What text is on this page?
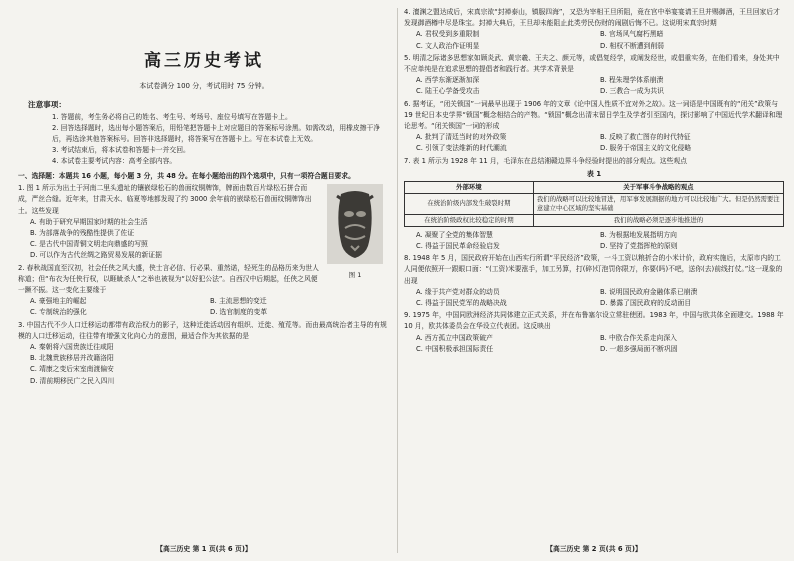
高三历史考试
本试卷满分 100 分，考试用时 75 分钟。
注意事项：

1. 答题前，考生务必将自己的姓名、考生号、考场号、座位号填写在答题卡上。

2. 回答选择题时，选出每小题答案后，用铅笔把答题卡上对应题目的答案标号涂黑。如需改动，用橡皮擦干净后，再选涂其他答案标号。回答非选择题时，将答案写在答题卡上。写在本试卷上无效。

3. 考试结束后，将本试卷和答题卡一并交回。

4. 本试卷主要考试内容：高考全部内容。

一、选择题：本题共 16 小题，每小题 3 分，共 48 分。在每小题给出的四个选项中，只有一项符合题目要求。

图 1

1. 图 1 所示为出土于河南二里头遗址的镶嵌绿松石的兽面纹铜牌饰，牌面由数百片绿松石拼合而成，严丝合缝。近年来，甘肃天水、临夏等地都发现了约 3000 余年前的嵌绿松石兽面纹铜牌饰出土。这些发现

A. 有助于研究早期国家时期的社会生活
B. 为部落战争的残酷性提供了佐证
C. 是古代中国青铜文明走向鼎盛的写照
D. 可以作为古代丝绸之路贸易发展的新证据

2. 春秋战国直至汉初，社会任侠之风大盛，侠士言必信、行必果、重然诺，轻死生的品格历来为世人称道；但“布衣为任侠行权，以睚眦杀人”之举也被视为“以好犯公法”。自西汉中后期起，任侠之风便一蹶不振。这一变化主要缘于

A. 豪强地主的崛起	B. 主流思想的变迁
C. 专制统治的强化	D. 选官制度的变革

3. 中国古代不少人口迁移运动都带有政治权力的影子，这种迁徙活动因有组织、迁徙、殖荒等。而由最高统治者主导的有规模的人口迁移运动，往往带有增强文化向心力的意图，最适合作为其依据的是

A. 秦朝将六国贵族迁往咸阳
B. 北魏贵族移居并改籍洛阳
C. 靖康之变后宋室南渡偏安
D. 清前期移民广之民入四川
【高三历史 第 1 页(共 6 页)】

4. 澶渊之盟达成后，宋真宗欲“封禅泰山，镇服四海”，又恐为宰相王旦所阻，竟在宫中举宴宴请王旦并赐御酒，王旦回家后才发现御酒樽中尽是珠宝。封禅大典后，王旦却未能阻止此类劳民伤财的闹剧后悔不已。这说明宋真宗时期

A. 君权受到多重限制	B. 官场风气腐朽黑暗
C. 文人政治作证明显	D. 相权不断遭到削弱

5. 明清之际诸多思想家如顾炎武、黄宗羲、王夫之、颜元等，或倡复经学，或阐发经世，或倡重实务，在他们看来，身处其中不应单纯是在追求思想的提倡者和践行者。其学术背景是

A. 西学东渐逐渐加深	B. 程朱理学体系崩溃
C. 陆王心学备受攻击	D. 三教合一成为共识

6. 据考证，“闭关锁国”一词最早出现于 1906 年的文章《论中国人性质不宜对外之故》。这一词语是中国既有的“闭关”政策与 19 世纪日本史学界“锁国”概念相结合的产物。“锁国”概念出清末留日学生及学者引至国内，探讨影响了中国近代学术翻译和理论思考。“闭关锁国”一词的形成

A. 批判了清廷当时的对外政策	B. 反映了救亡图存的时代特征
C. 引领了变法维新的时代潮流	D. 服务于帝国主义的文化侵略

7. 表 1 所示为 1928 年 11 月，毛泽东在总结湘赣边界斗争经验时提出的部分观点。这些观点

表 1
外部环境	关于军事斗争战略的观点
在统治阶级内部发生破裂时期	我们的战略可以比较地冒进，用军事发展割据的地方可以比较地广大。但是仍然需要注意建立中心区域的坚实基础
在统治阶级政权比较稳定的时期	我们的战略必须是逐步地推进的
A. 凝聚了全党的集体智慧	B. 为根据地发展指明方向
C. 得益于国民革命经验启发	D. 坚持了党指挥枪的原则

8. 1948 年 5 月，国民政府开始在山西实行所谓“平民经济”政策，一斗工资以粮折合的小米计价，政府实施后，太原市内的工人同便依照开一跟眼口面：“(工资)米要涨手，加工另算，打(碎)灯泡罚你限万，你要(吗)不吧，送你(去)前线打仗。”这一现象的出现

A. 缘于共产党对群众的动员	B. 说明国民政府金融体系已崩溃
C. 得益于国民党军的战略决战	D. 暴露了国民政府的反动面目

9. 1975 年，中国同欧洲经济共同体建立正式关系，并在布鲁塞尔设立常驻使团。1983 年，中国与欧共体全面建交。1988 年 10 月，欧共体委员会在华设立代表团。这反映出

A. 西方孤立中国政策破产	B. 中欧合作关系走向深入
C. 中国积极承担国际责任	D. 一超多强局面不断巩固
【高三历史 第 2 页(共 6 页)】
